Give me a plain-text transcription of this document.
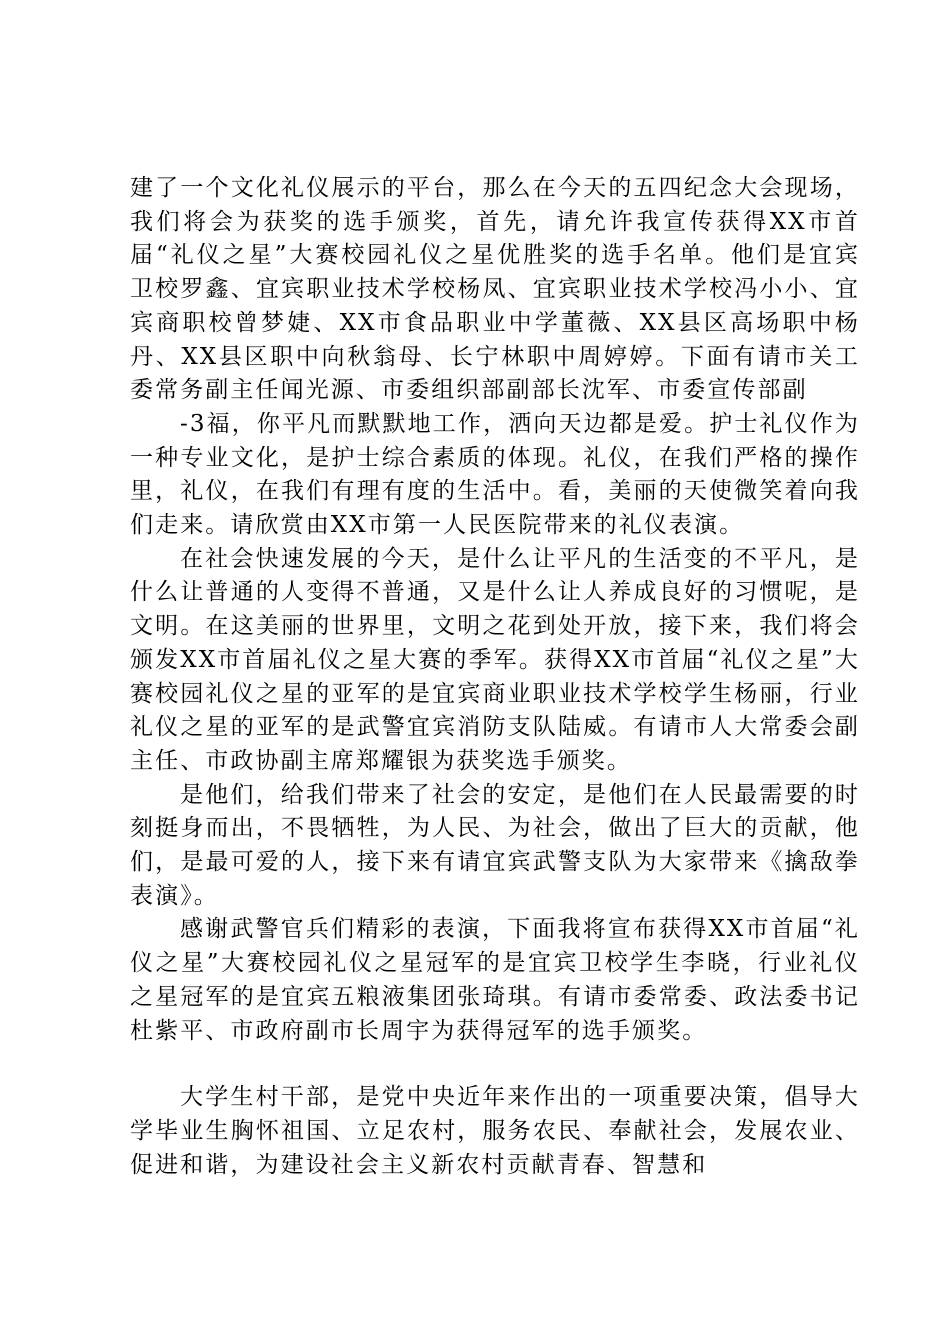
建了一个文化礼仪展示的平台，那么在今天的五四纪念大会现场，我们将会为获奖的选手颁奖，首先，请允许我宣传获得XX市首届“礼仪之星”大赛校园礼仪之星优胜奖的选手名单。他们是宜宾卫校罗鑫、宜宾职业技术学校杨凤、宜宾职业技术学校冯小小、宜宾商职校曾梦婕、XX市食品职业中学董薇、XX县区高场职中杨丹、XX县区职中向秋翁母、长宁林职中周婷婷。下面有请市关工委常务副主任闻光源、市委组织部副部长沈军、市委宣传部副

-3福，你平凡而默默地工作，洒向天边都是爱。护士礼仪作为一种专业文化，是护士综合素质的体现。礼仪，在我们严格的操作里，礼仪，在我们有理有度的生活中。看，美丽的天使微笑着向我们走来。请欣赏由XX市第一人民医院带来的礼仪表演。

在社会快速发展的今天，是什么让平凡的生活变的不平凡，是什么让普通的人变得不普通，又是什么让人养成良好的习惯呢，是文明。在这美丽的世界里，文明之花到处开放，接下来，我们将会颁发XX市首届礼仪之星大赛的季军。获得XX市首届“礼仪之星”大赛校园礼仪之星的亚军的是宜宾商业职业技术学校学生杨丽，行业礼仪之星的亚军的是武警宜宾消防支队陆威。有请市人大常委会副主任、市政协副主席郑耀银为获奖选手颁奖。

是他们，给我们带来了社会的安定，是他们在人民最需要的时刻挺身而出，不畏牺牲，为人民、为社会，做出了巨大的贡献，他们，是最可爱的人，接下来有请宜宾武警支队为大家带来《擒敌拳表演》。

感谢武警官兵们精彩的表演，下面我将宣布获得XX市首届“礼仪之星”大赛校园礼仪之星冠军的是宜宾卫校学生李晓，行业礼仪之星冠军的是宜宾五粮液集团张琦琪。有请市委常委、政法委书记杜紫平、市政府副市长周宇为获得冠军的选手颁奖。

大学生村干部，是党中央近年来作出的一项重要决策，倡导大学毕业生胸怀祖国、立足农村，服务农民、奉献社会，发展农业、促进和谐，为建设社会主义新农村贡献青春、智慧和
